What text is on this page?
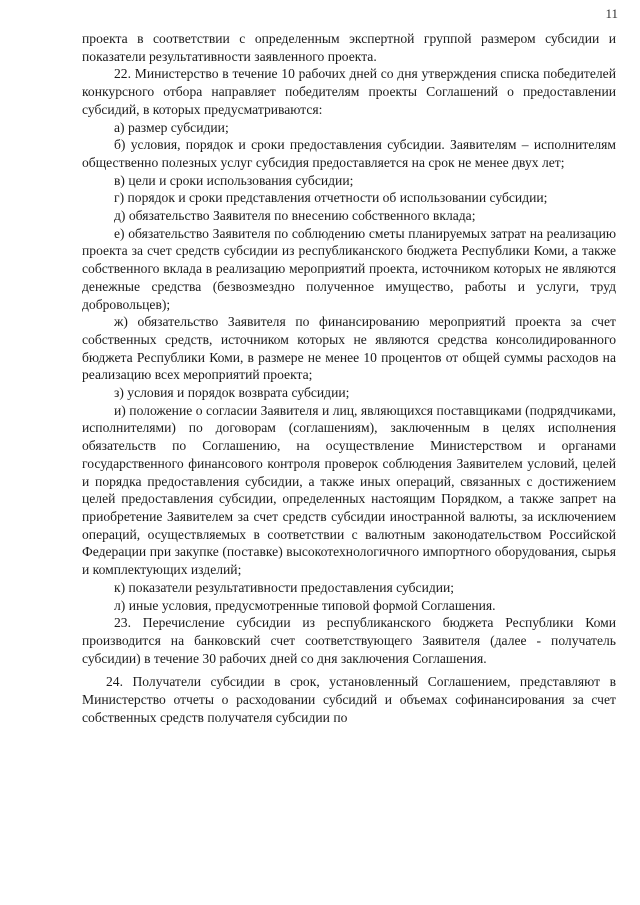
11

проекта в соответствии с определенным экспертной группой размером субсидии и показатели результативности заявленного проекта.

22. Министерство в течение 10 рабочих дней со дня утверждения списка победителей конкурсного отбора направляет победителям проекты Соглашений о предоставлении субсидий, в которых предусматриваются:

а) размер субсидии;

б) условия, порядок и сроки предоставления субсидии. Заявителям – исполнителям общественно полезных услуг субсидия предоставляется на срок не менее двух лет;

в) цели и сроки использования субсидии;

г) порядок и сроки представления отчетности об использовании субсидии;

д) обязательство Заявителя по внесению собственного вклада;

е) обязательство Заявителя по соблюдению сметы планируемых затрат на реализацию проекта за счет средств субсидии из республиканского бюджета Республики Коми, а также собственного вклада в реализацию мероприятий проекта, источником которых не являются денежные средства (безвозмездно полученное имущество, работы и услуги, труд добровольцев);

ж) обязательство Заявителя по финансированию мероприятий проекта за счет собственных средств, источником которых не являются средства консолидированного бюджета Республики Коми, в размере не менее 10 процентов от общей суммы расходов на реализацию всех мероприятий проекта;

з) условия и порядок возврата субсидии;

и) положение о согласии Заявителя и лиц, являющихся поставщиками (подрядчиками, исполнителями) по договорам (соглашениям), заключенным в целях исполнения обязательств по Соглашению, на осуществление Министерством и органами государственного финансового контроля проверок соблюдения Заявителем условий, целей и порядка предоставления субсидии, а также иных операций, связанных с достижением целей предоставления субсидии, определенных настоящим Порядком, а также запрет на приобретение Заявителем за счет средств субсидии иностранной валюты, за исключением операций, осуществляемых в соответствии с валютным законодательством Российской Федерации при закупке (поставке) высокотехнологичного импортного оборудования, сырья и комплектующих изделий;

к) показатели результативности предоставления субсидии;

л) иные условия, предусмотренные типовой формой Соглашения.

23. Перечисление субсидии из республиканского бюджета Республики Коми производится на банковский счет соответствующего Заявителя (далее - получатель субсидии) в течение 30 рабочих дней со дня заключения Соглашения.

24. Получатели субсидии в срок, установленный Соглашением, представляют в Министерство отчеты о расходовании субсидий и объемах софинансирования за счет собственных средств получателя субсидии по
